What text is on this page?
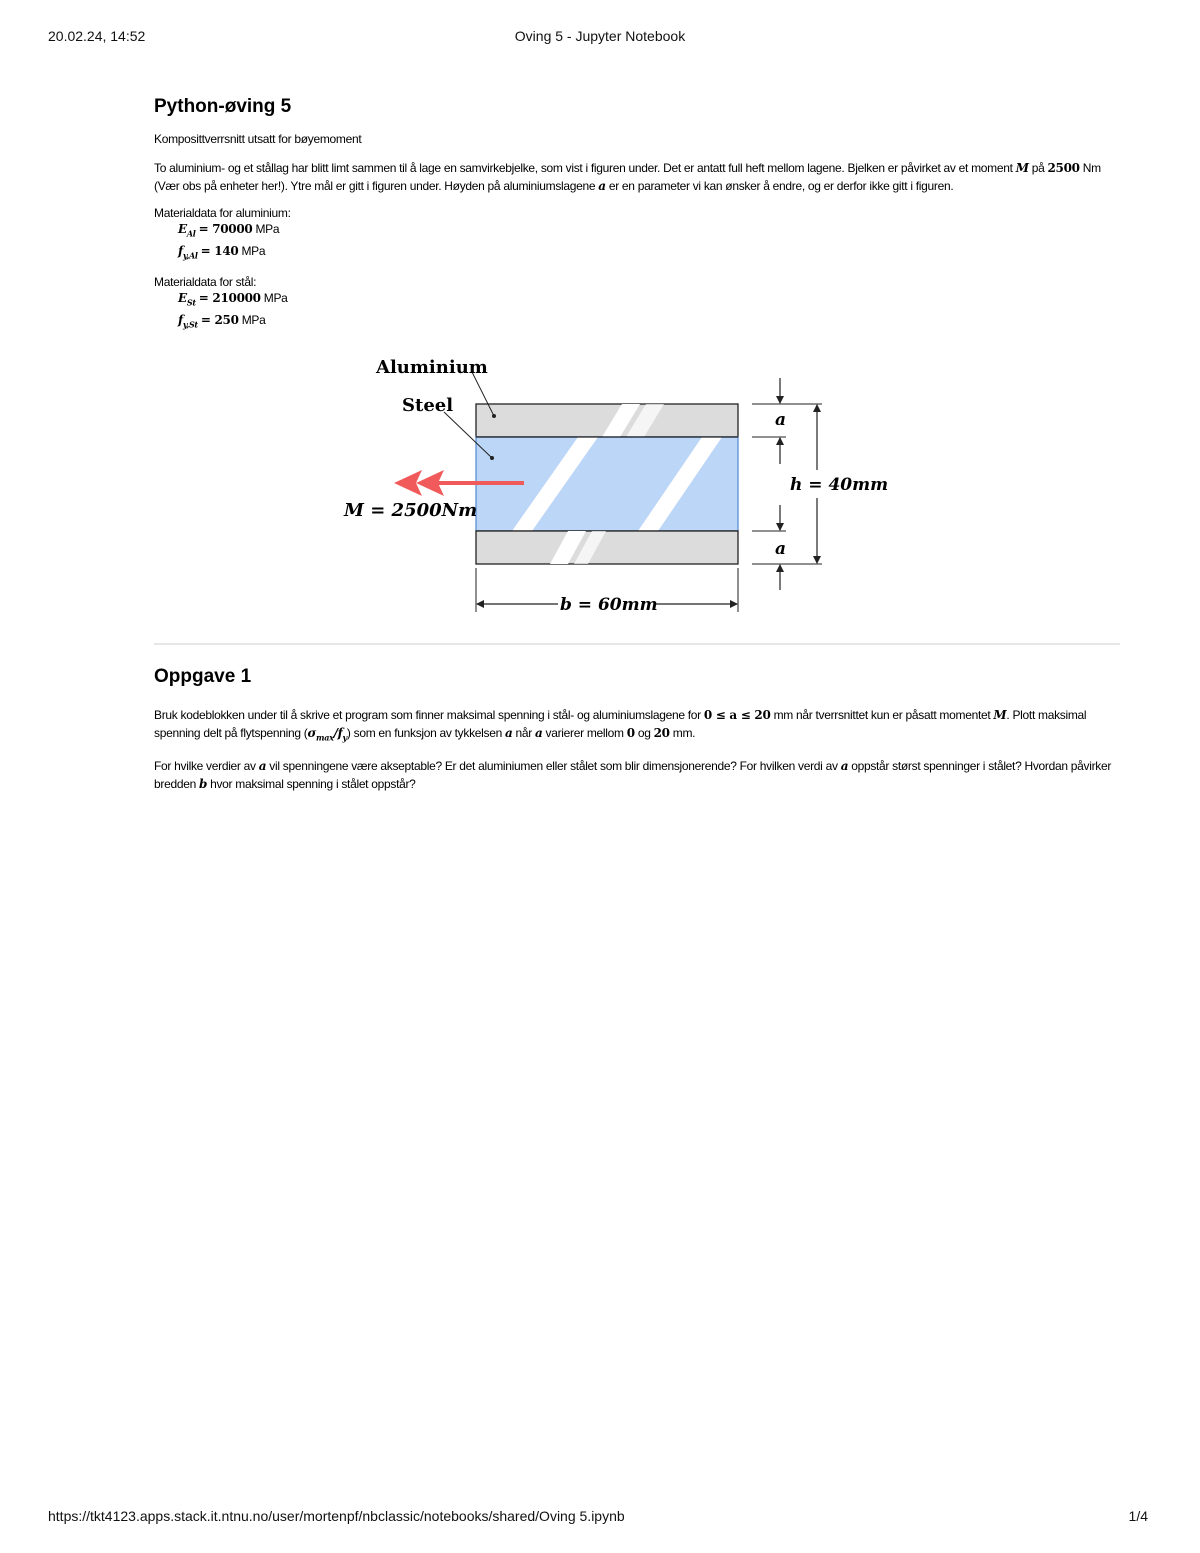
20.02.24, 14:52	Oving 5 - Jupyter Notebook
Python-øving 5

Komposittverrsnitt utsatt for bøyemoment

To aluminium- og et stållag har blitt limt sammen til å lage en samvirkebjelke, som vist i figuren under. Det er antatt full heft mellom lagene. Bjelken er påvirket av et moment M på 2500 Nm (Vær obs på enheter her!). Ytre mål er gitt i figuren under. Høyden på aluminiumslagene a er en parameter vi kan ønsker å endre, og er derfor ikke gitt i figuren.

Materialdata for aluminium:
$E_{Al} = 70000$ MPa
$f_{y,Al} = 140$ MPa
Materialdata for stål:
$E_{St} = 210000$ MPa
$f_{y,St} = 250$ MPa
Aluminium
Steel
M = 2500Nm
a
a
h = 40mm
b = 60mm
Oppgave 1

Bruk kodeblokken under til å skrive et program som finner maksimal spenning i stål- og aluminiumslagene for 0 ≤ a ≤ 20 mm når tverrsnittet kun er påsatt momentet M. Plott maksimal spenning delt på flytspenning $(\sigma_{max}/f_y)$ som en funksjon av tykkelsen a når a varierer mellom 0 og 20 mm.

For hvilke verdier av a vil spenningene være akseptable? Er det aluminiumen eller stålet som blir dimensjonerende? For hvilken verdi av a oppstår størst spenninger i stålet? Hvordan påvirker bredden b hvor maksimal spenning i stålet oppstår?

https://tkt4123.apps.stack.it.ntnu.no/user/mortenpf/nbclassic/notebooks/shared/Oving 5.ipynb	1/4
